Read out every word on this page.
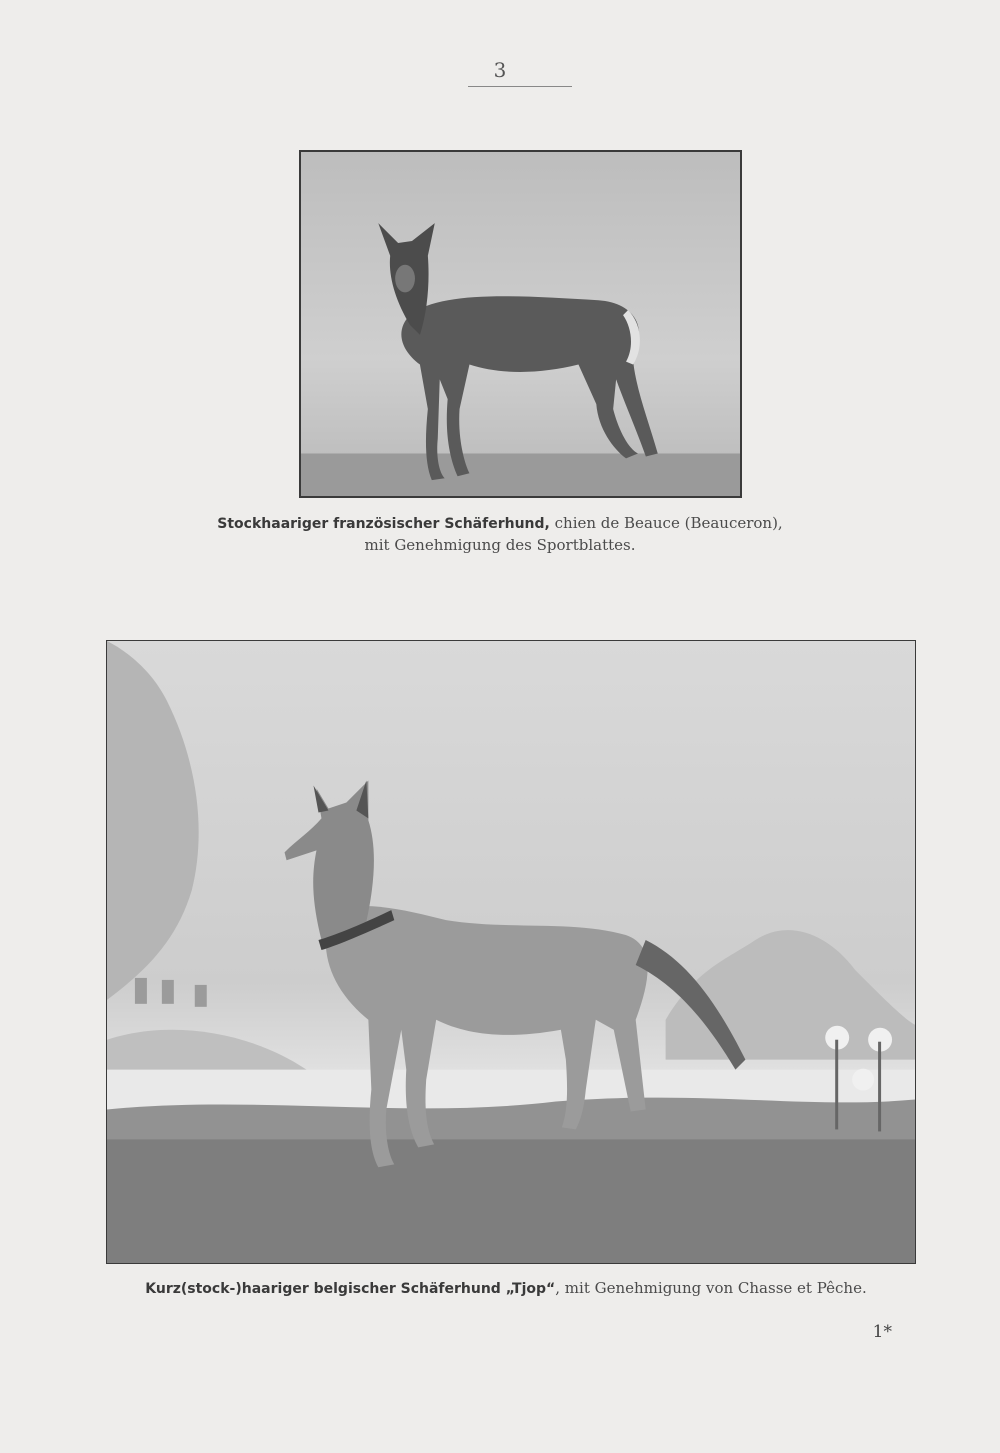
3
Stockhaariger französischer Schäferhund, chien de Beauce (Beauceron),
mit Genehmigung des Sportblattes.
Kurz(stock-)haariger belgischer Schäferhund „Tjop“, mit Genehmigung von Chasse et Pêche.
1*
